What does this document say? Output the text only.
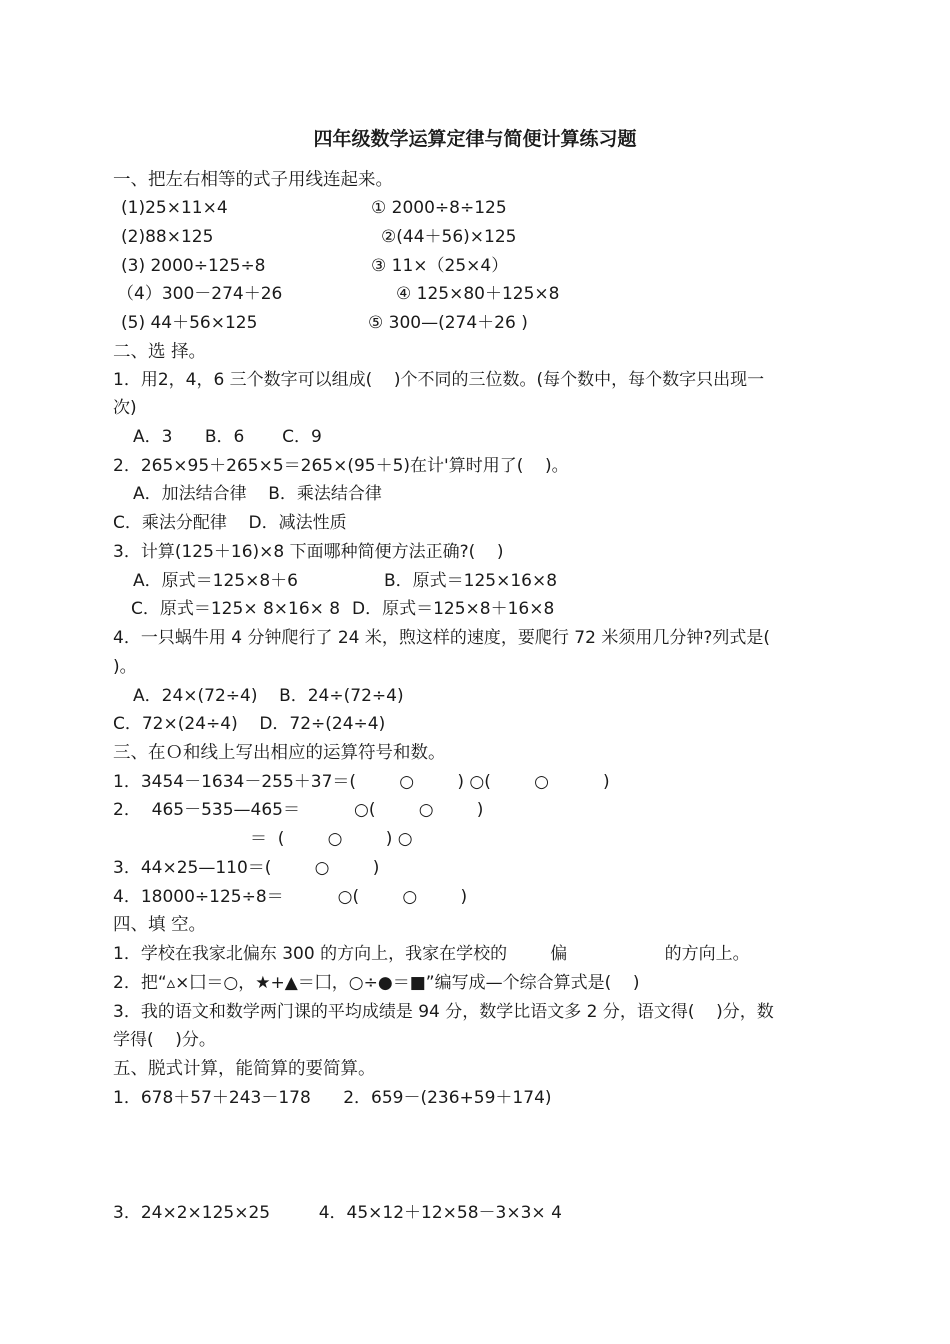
四年级数学运算定律与简便计算练习题
一、把左右相等的式子用线连起来。
(1)25×11×4
(2)88×125
(3) 2000÷125÷8
（4）300－274＋26
(5) 44＋56×125
① 2000÷8÷125
②(44＋56)×125
③ 11×（25×4）
④ 125×80＋125×8
⑤ 300—(274＋26 )
二、选 择。
1．用2，4，6 三个数字可以组成(    )个不同的三位数。(每个数中，每个数字只出现一
次)
A．3      B．6       C．9
2．265×95＋265×5＝265×(95＋5)在计'算时用了(    )。
A．加法结合律    B．乘法结合律
C．乘法分配律    D．减法性质
3．计算(125＋16)×8 下面哪种简便方法正确?(    )
A．原式＝125×8＋6	B．原式＝125×16×8
C．原式＝125× 8×16× 8 D．原式＝125×8＋16×8
4．一只蜗牛用 4 分钟爬行了 24 米，煦这样的速度，要爬行 72 米须用几分钟?列式是(
)。
A．24×(72÷4)    B．24÷(72÷4)
C．72×(24÷4)    D．72÷(24÷4)
三、在Ｏ和线上写出相应的运算符号和数。
1．3454－1634－255＋37＝(        ○        ) ○(        ○          )
2．  465－535—465＝          ○(        ○        )
＝  (        ○        ) ○
3．44×25—110＝(        ○        )
4．18000÷125÷8＝          ○(        ○        )
四、填 空。
1．学校在我家北偏东 300 的方向上，我家在学校的        偏                  的方向上。
2．把“▵×囗＝○，★+▲＝囗，○÷●＝■”编写成—个综合算式是(    )
3．我的语文和数学两门课的平均成绩是 94 分，数学比语文多 2 分，语文得(    )分，数
学得(    )分。
五、脱式计算，能简算的要简算。
1．678＋57＋243－178      2．659－(236+59＋174)
3．24×2×125×25         4．45×12＋12×58－3×3× 4
